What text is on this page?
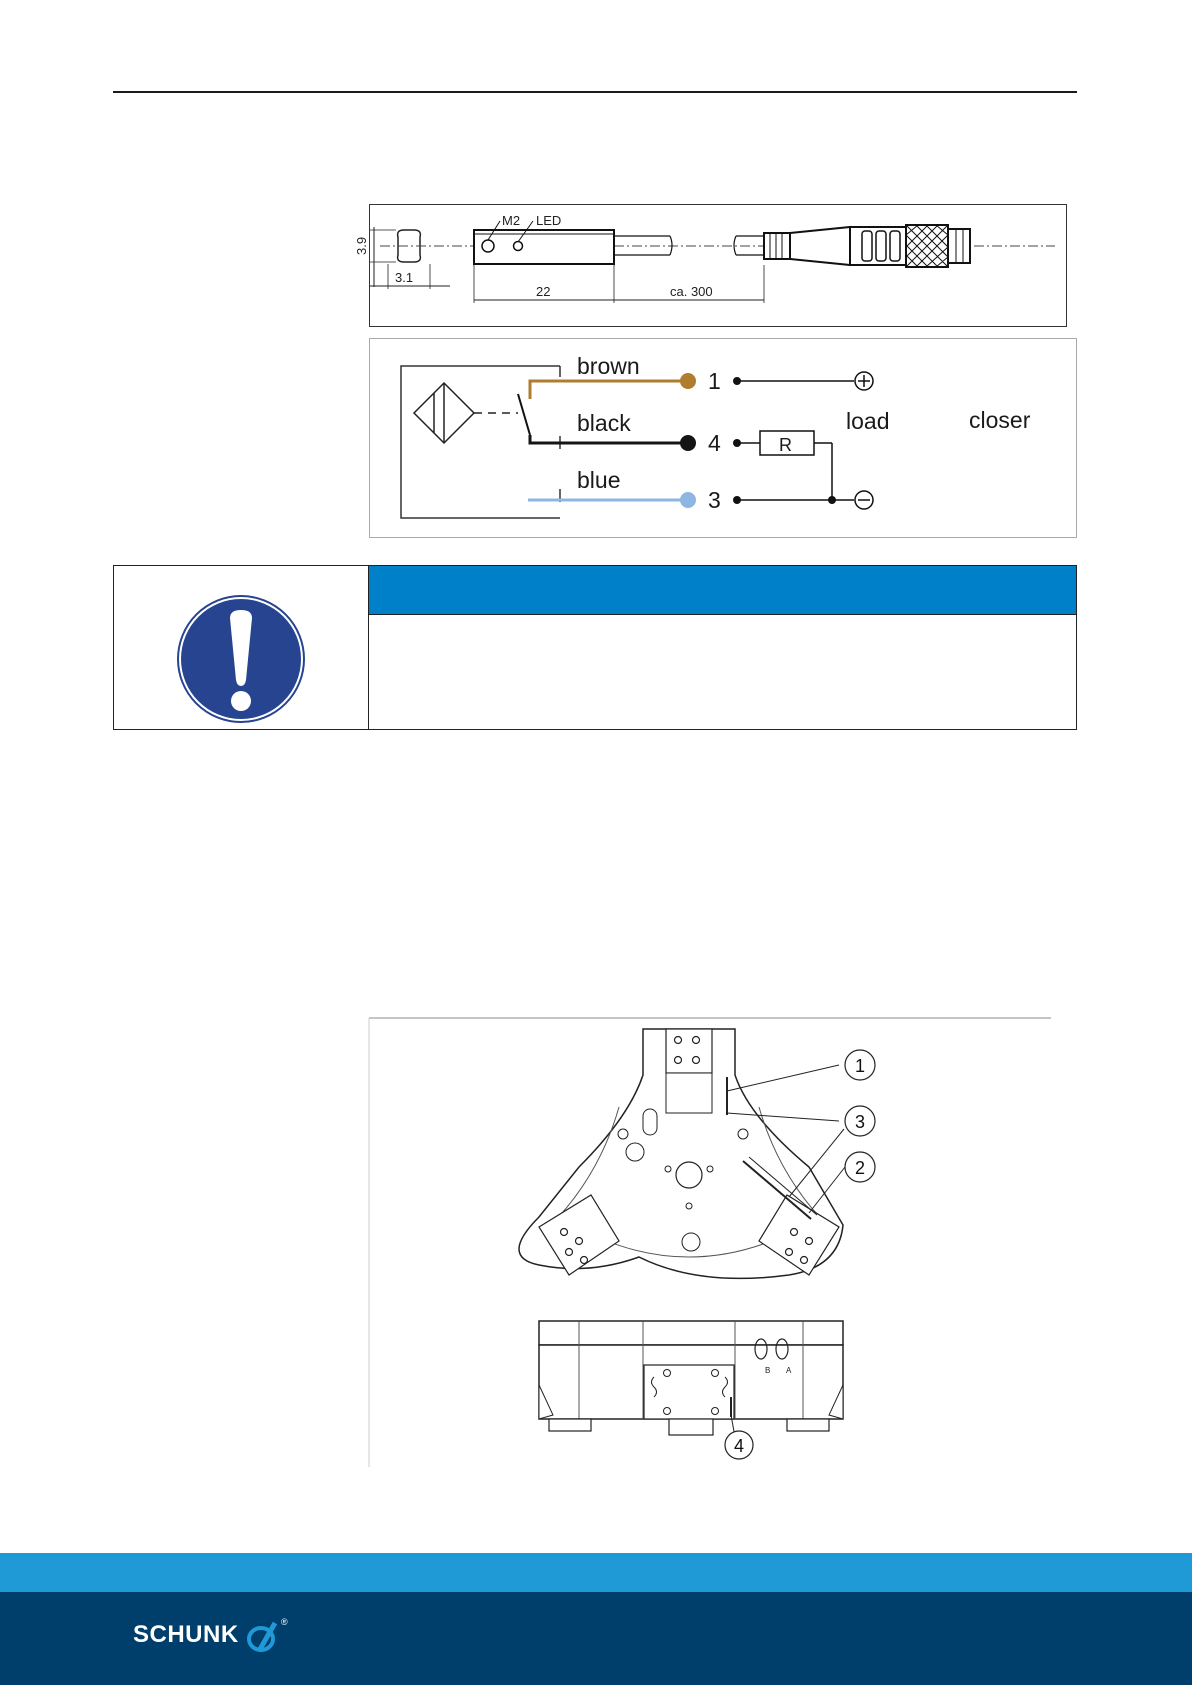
3.9
3.1
M2 LED
22	ca. 300
brown
1
black
4
blue
3
R
load	closer
1
3
2
B A
4
SCHUNK	®
